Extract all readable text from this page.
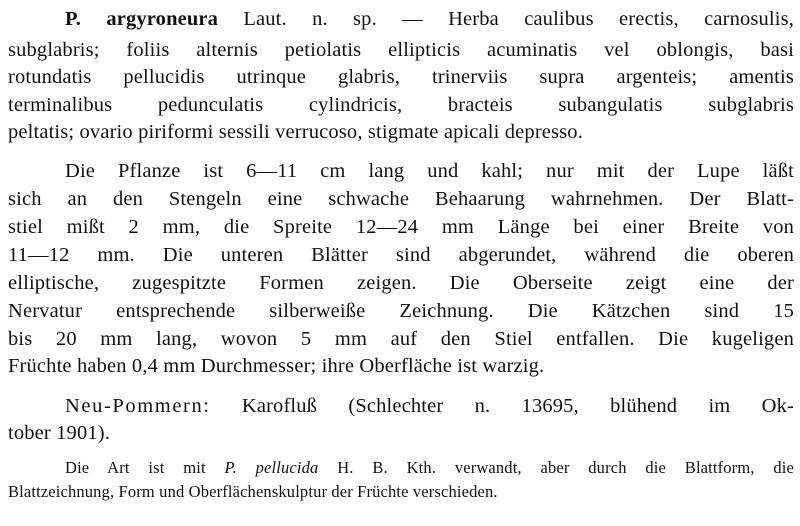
P. argyroneura Laut. n. sp. — Herba caulibus erectis, carnosulis,
subglabris; foliis alternis petiolatis ellipticis acuminatis vel oblongis, basi
rotundatis pellucidis utrinque glabris, trinerviis supra argenteis; amentis
terminalibus pedunculatis cylindricis, bracteis subangulatis subglabris
peltatis; ovario piriformi sessili verrucoso, stigmate apicali depresso.
Die Pflanze ist 6—11 cm lang und kahl; nur mit der Lupe läßt
sich an den Stengeln eine schwache Behaarung wahrnehmen. Der Blatt-
stiel mißt 2 mm, die Spreite 12—24 mm Länge bei einer Breite von
11—12 mm. Die unteren Blätter sind abgerundet, während die oberen
elliptische, zugespitzte Formen zeigen. Die Oberseite zeigt eine der
Nervatur entsprechende silberweiße Zeichnung. Die Kätzchen sind 15
bis 20 mm lang, wovon 5 mm auf den Stiel entfallen. Die kugeligen
Früchte haben 0,4 mm Durchmesser; ihre Oberfläche ist warzig.
Neu-Pommern: Karofluß (Schlechter n. 13695, blühend im Ok-
tober 1901).
Die Art ist mit P. pellucida H. B. Kth. verwandt, aber durch die Blattform, die
Blattzeichnung, Form und Oberflächenskulptur der Früchte verschieden.
